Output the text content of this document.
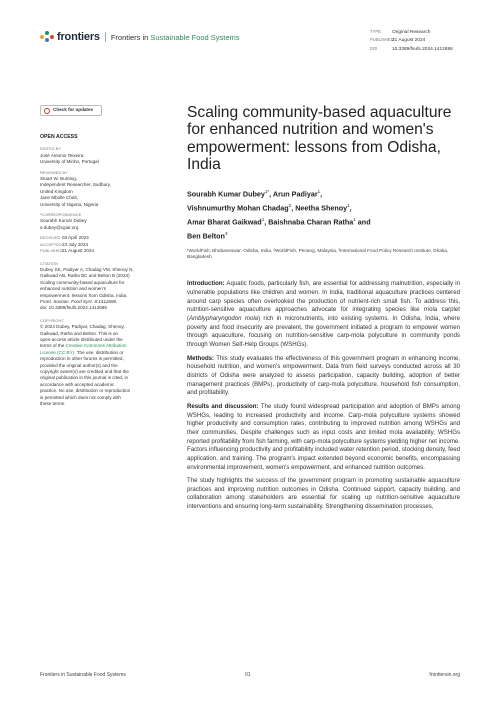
frontiers Frontiers in Sustainable Food Systems
TYPE Original Research
PUBLISHED21 August 2024
DOI	10.3389/fsufs.2024.1412686
Check for updates
OPEN ACCESS
EDITED BY
José Antonio Teixeira,
University of Minho, Portugal
REVIEWED BY
Stuart W. Bunting,
Independent Researcher, Sudbury,
United Kingdom
Jane Mbolle Chah,
University of Nigeria, Nigeria
*CORRESPONDENCE
Sourabh Kumar Dubey
s.dubey@cgiar.org
RECEIVED 03 April 2024
ACCEPTED23 July 2024
PUBLISHED21 August 2024
CITATION
Dubey SK, Padiyar A, Chadag VM, Shenoy N,
Gaikwad AB, Ratha BC and Belton B (2024)
Scaling community-based aquaculture for
enhanced nutrition and women's
empowerment: lessons from Odisha, India.
Front. Sustain. Food Syst. 8:1412686.
doi: 10.3389/fsufs.2024.1412686
COPYRIGHT
© 2024 Dubey, Padiyar, Chadag, Shenoy,
Gaikwad, Ratha and Belton. This is an
open-access article distributed under the
terms of the Creative Commons Attribution
License (CC BY). The use, distribution or
reproduction in other forums is permitted,
provided the original author(s) and the
copyright owner(s) are credited and that the
original publication in this journal is cited, in
accordance with accepted academic
practice. No use, distribution or reproduction
is permitted which does not comply with
these terms.
Scaling community-based aquaculture for enhanced nutrition and women's empowerment: lessons from Odisha, India
Sourabh Kumar Dubey$^{1*}$, Arun Padiyar$^1$,
Vishnumurthy Mohan Chadag$^2$, Neetha Shenoy$^1$,
Amar Bharat Gaikwad$^1$, Baishnaba Charan Ratha$^1$ and
Ben Belton$^3$
¹WorldFish, Bhubaneswar, Odisha, India, ²WorldFish, Penang, Malaysia, ³International Food Policy Research Institute, Dhaka, Bangladesh

Introduction: Aquatic foods, particularly fish, are essential for addressing malnutrition, especially in vulnerable populations like children and women. In India, traditional aquaculture practices centered around carp species often overlooked the production of nutrient-rich small fish. To address this, nutrition-sensitive aquaculture approaches advocate for integrating species like mola carplet (Amblypharyngodon mola) rich in micronutrients, into existing systems. In Odisha, India, where poverty and food insecurity are prevalent, the government initiated a program to empower women through aquaculture, focusing on nutrition-sensitive carp-mola polyculture in community ponds through Women Self-Help Groups (WSHGs).

Methods: This study evaluates the effectiveness of this government program in enhancing income, household nutrition, and women's empowerment. Data from field surveys conducted across all 30 districts of Odisha were analyzed to assess participation, capacity building, adoption of better management practices (BMPs), productivity of carp-mola polyculture, household fish consumption, and profitability.

Results and discussion: The study found widespread participation and adoption of BMPs among WSHGs, leading to increased productivity and income. Carp-mola polyculture systems showed higher productivity and consumption rates, contributing to improved nutrition among WSHGs and their communities. Despite challenges such as input costs and limited mola availability, WSHGs reported profitability from fish farming, with carp-mola polyculture systems yielding higher net income. Factors influencing productivity and profitability included water retention period, stocking density, feed application, and training. The program's impact extended beyond economic benefits, encompassing environmental improvement, women's empowerment, and enhanced nutrition outcomes.

The study highlights the success of the government program in promoting sustainable aquaculture practices and improving nutrition outcomes in Odisha. Continued support, capacity building, and collaboration among stakeholders are essential for scaling up nutrition-sensitive aquaculture interventions and ensuring long-term sustainability. Strengthening dissemination processes,

Frontiers in Sustainable Food Systems	01	frontiersin.org
